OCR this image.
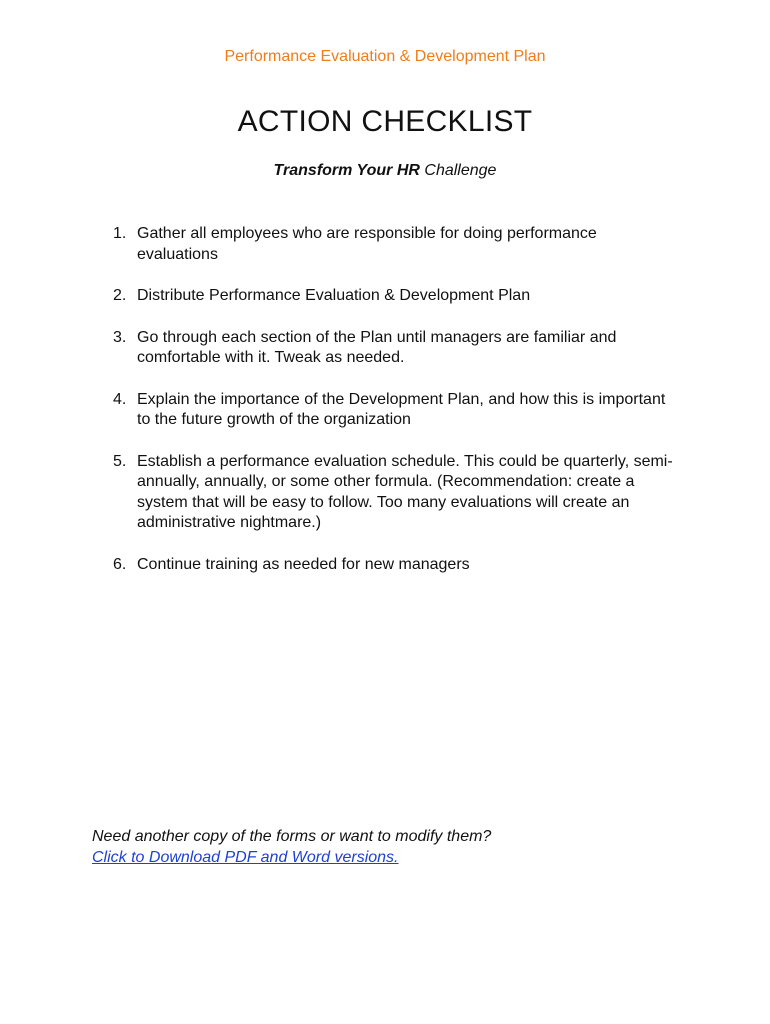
Performance Evaluation & Development Plan
ACTION CHECKLIST
Transform Your HR Challenge
1. Gather all employees who are responsible for doing performance evaluations
2. Distribute Performance Evaluation & Development Plan
3. Go through each section of the Plan until managers are familiar and comfortable with it. Tweak as needed.
4. Explain the importance of the Development Plan, and how this is important to the future growth of the organization
5. Establish a performance evaluation schedule. This could be quarterly, semi-annually, annually, or some other formula. (Recommendation: create a system that will be easy to follow. Too many evaluations will create an administrative nightmare.)
6. Continue training as needed for new managers
Need another copy of the forms or want to modify them?
Click to Download PDF and Word versions.
